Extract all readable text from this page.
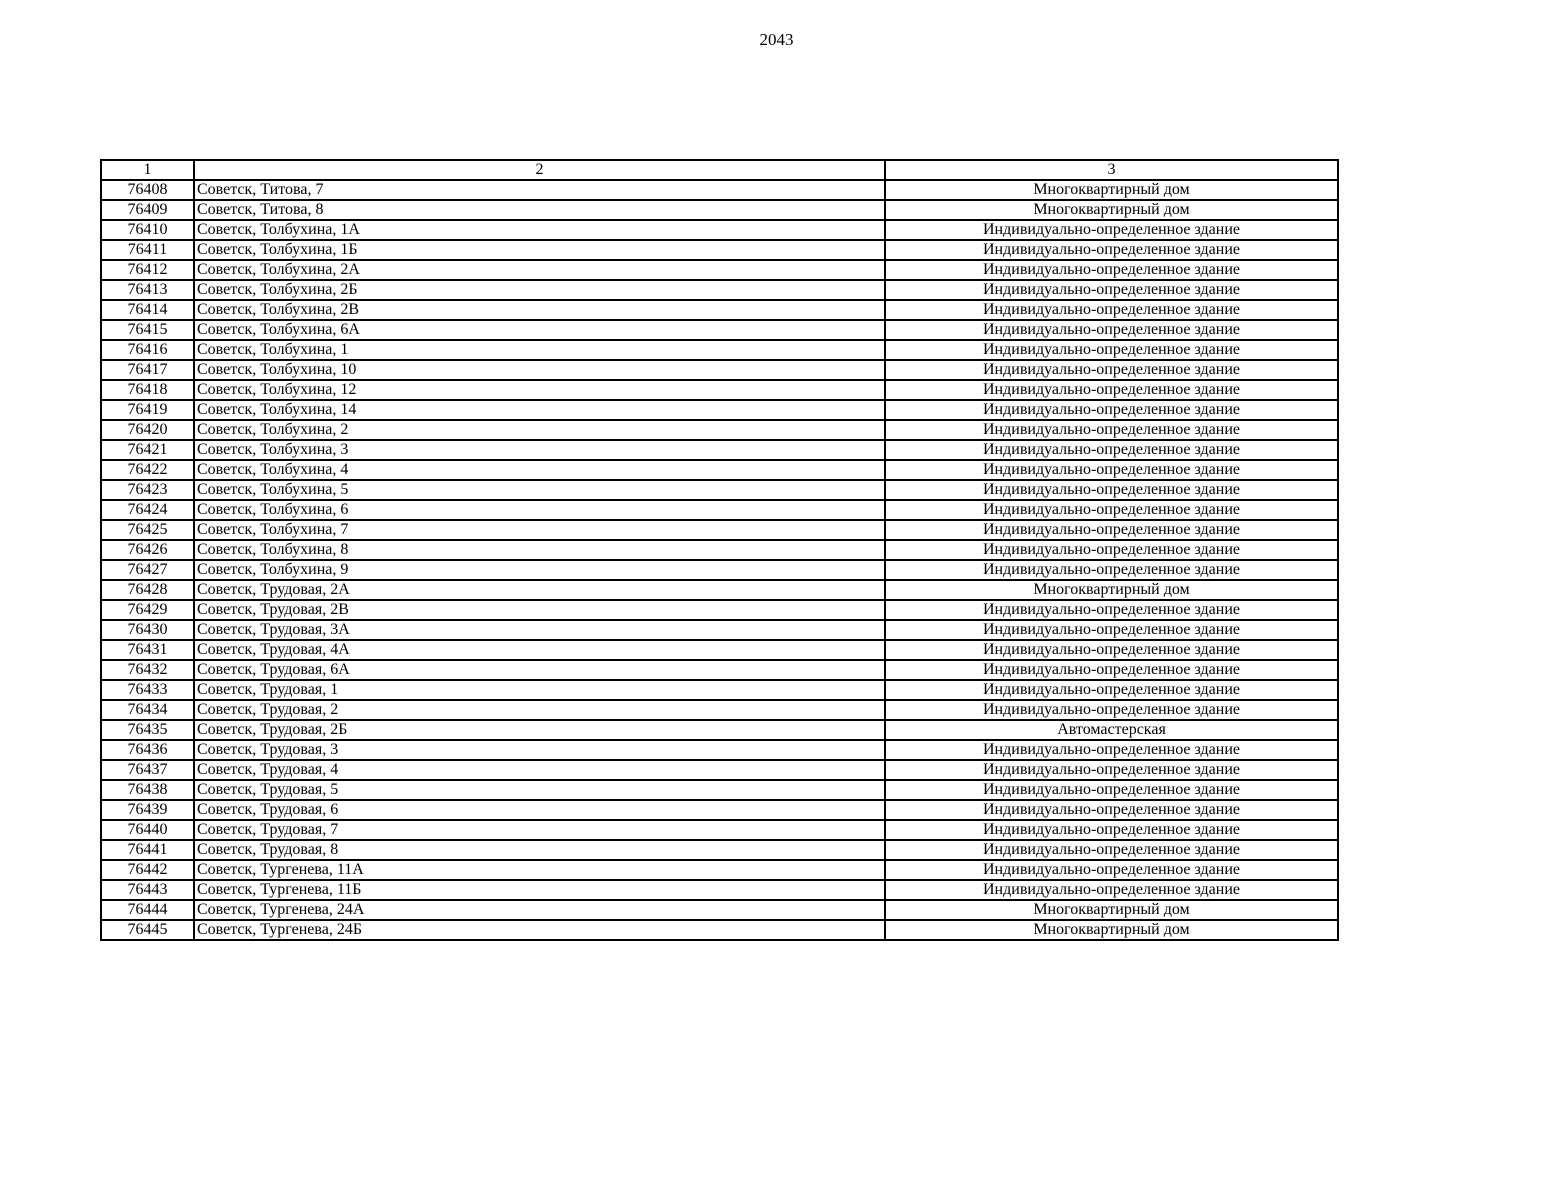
2043
1	2	3
76408	Советск, Титова, 7	Многоквартирный дом
76409	Советск, Титова, 8	Многоквартирный дом
76410	Советск, Толбухина, 1А	Индивидуально-определенное здание
76411	Советск, Толбухина, 1Б	Индивидуально-определенное здание
76412	Советск, Толбухина, 2А	Индивидуально-определенное здание
76413	Советск, Толбухина, 2Б	Индивидуально-определенное здание
76414	Советск, Толбухина, 2В	Индивидуально-определенное здание
76415	Советск, Толбухина, 6А	Индивидуально-определенное здание
76416	Советск, Толбухина, 1	Индивидуально-определенное здание
76417	Советск, Толбухина, 10	Индивидуально-определенное здание
76418	Советск, Толбухина, 12	Индивидуально-определенное здание
76419	Советск, Толбухина, 14	Индивидуально-определенное здание
76420	Советск, Толбухина, 2	Индивидуально-определенное здание
76421	Советск, Толбухина, 3	Индивидуально-определенное здание
76422	Советск, Толбухина, 4	Индивидуально-определенное здание
76423	Советск, Толбухина, 5	Индивидуально-определенное здание
76424	Советск, Толбухина, 6	Индивидуально-определенное здание
76425	Советск, Толбухина, 7	Индивидуально-определенное здание
76426	Советск, Толбухина, 8	Индивидуально-определенное здание
76427	Советск, Толбухина, 9	Индивидуально-определенное здание
76428	Советск, Трудовая, 2А	Многоквартирный дом
76429	Советск, Трудовая, 2В	Индивидуально-определенное здание
76430	Советск, Трудовая, 3А	Индивидуально-определенное здание
76431	Советск, Трудовая, 4А	Индивидуально-определенное здание
76432	Советск, Трудовая, 6А	Индивидуально-определенное здание
76433	Советск, Трудовая, 1	Индивидуально-определенное здание
76434	Советск, Трудовая, 2	Индивидуально-определенное здание
76435	Советск, Трудовая, 2Б	Автомастерская
76436	Советск, Трудовая, 3	Индивидуально-определенное здание
76437	Советск, Трудовая, 4	Индивидуально-определенное здание
76438	Советск, Трудовая, 5	Индивидуально-определенное здание
76439	Советск, Трудовая, 6	Индивидуально-определенное здание
76440	Советск, Трудовая, 7	Индивидуально-определенное здание
76441	Советск, Трудовая, 8	Индивидуально-определенное здание
76442	Советск, Тургенева, 11А	Индивидуально-определенное здание
76443	Советск, Тургенева, 11Б	Индивидуально-определенное здание
76444	Советск, Тургенева, 24А	Многоквартирный дом
76445	Советск, Тургенева, 24Б	Многоквартирный дом
